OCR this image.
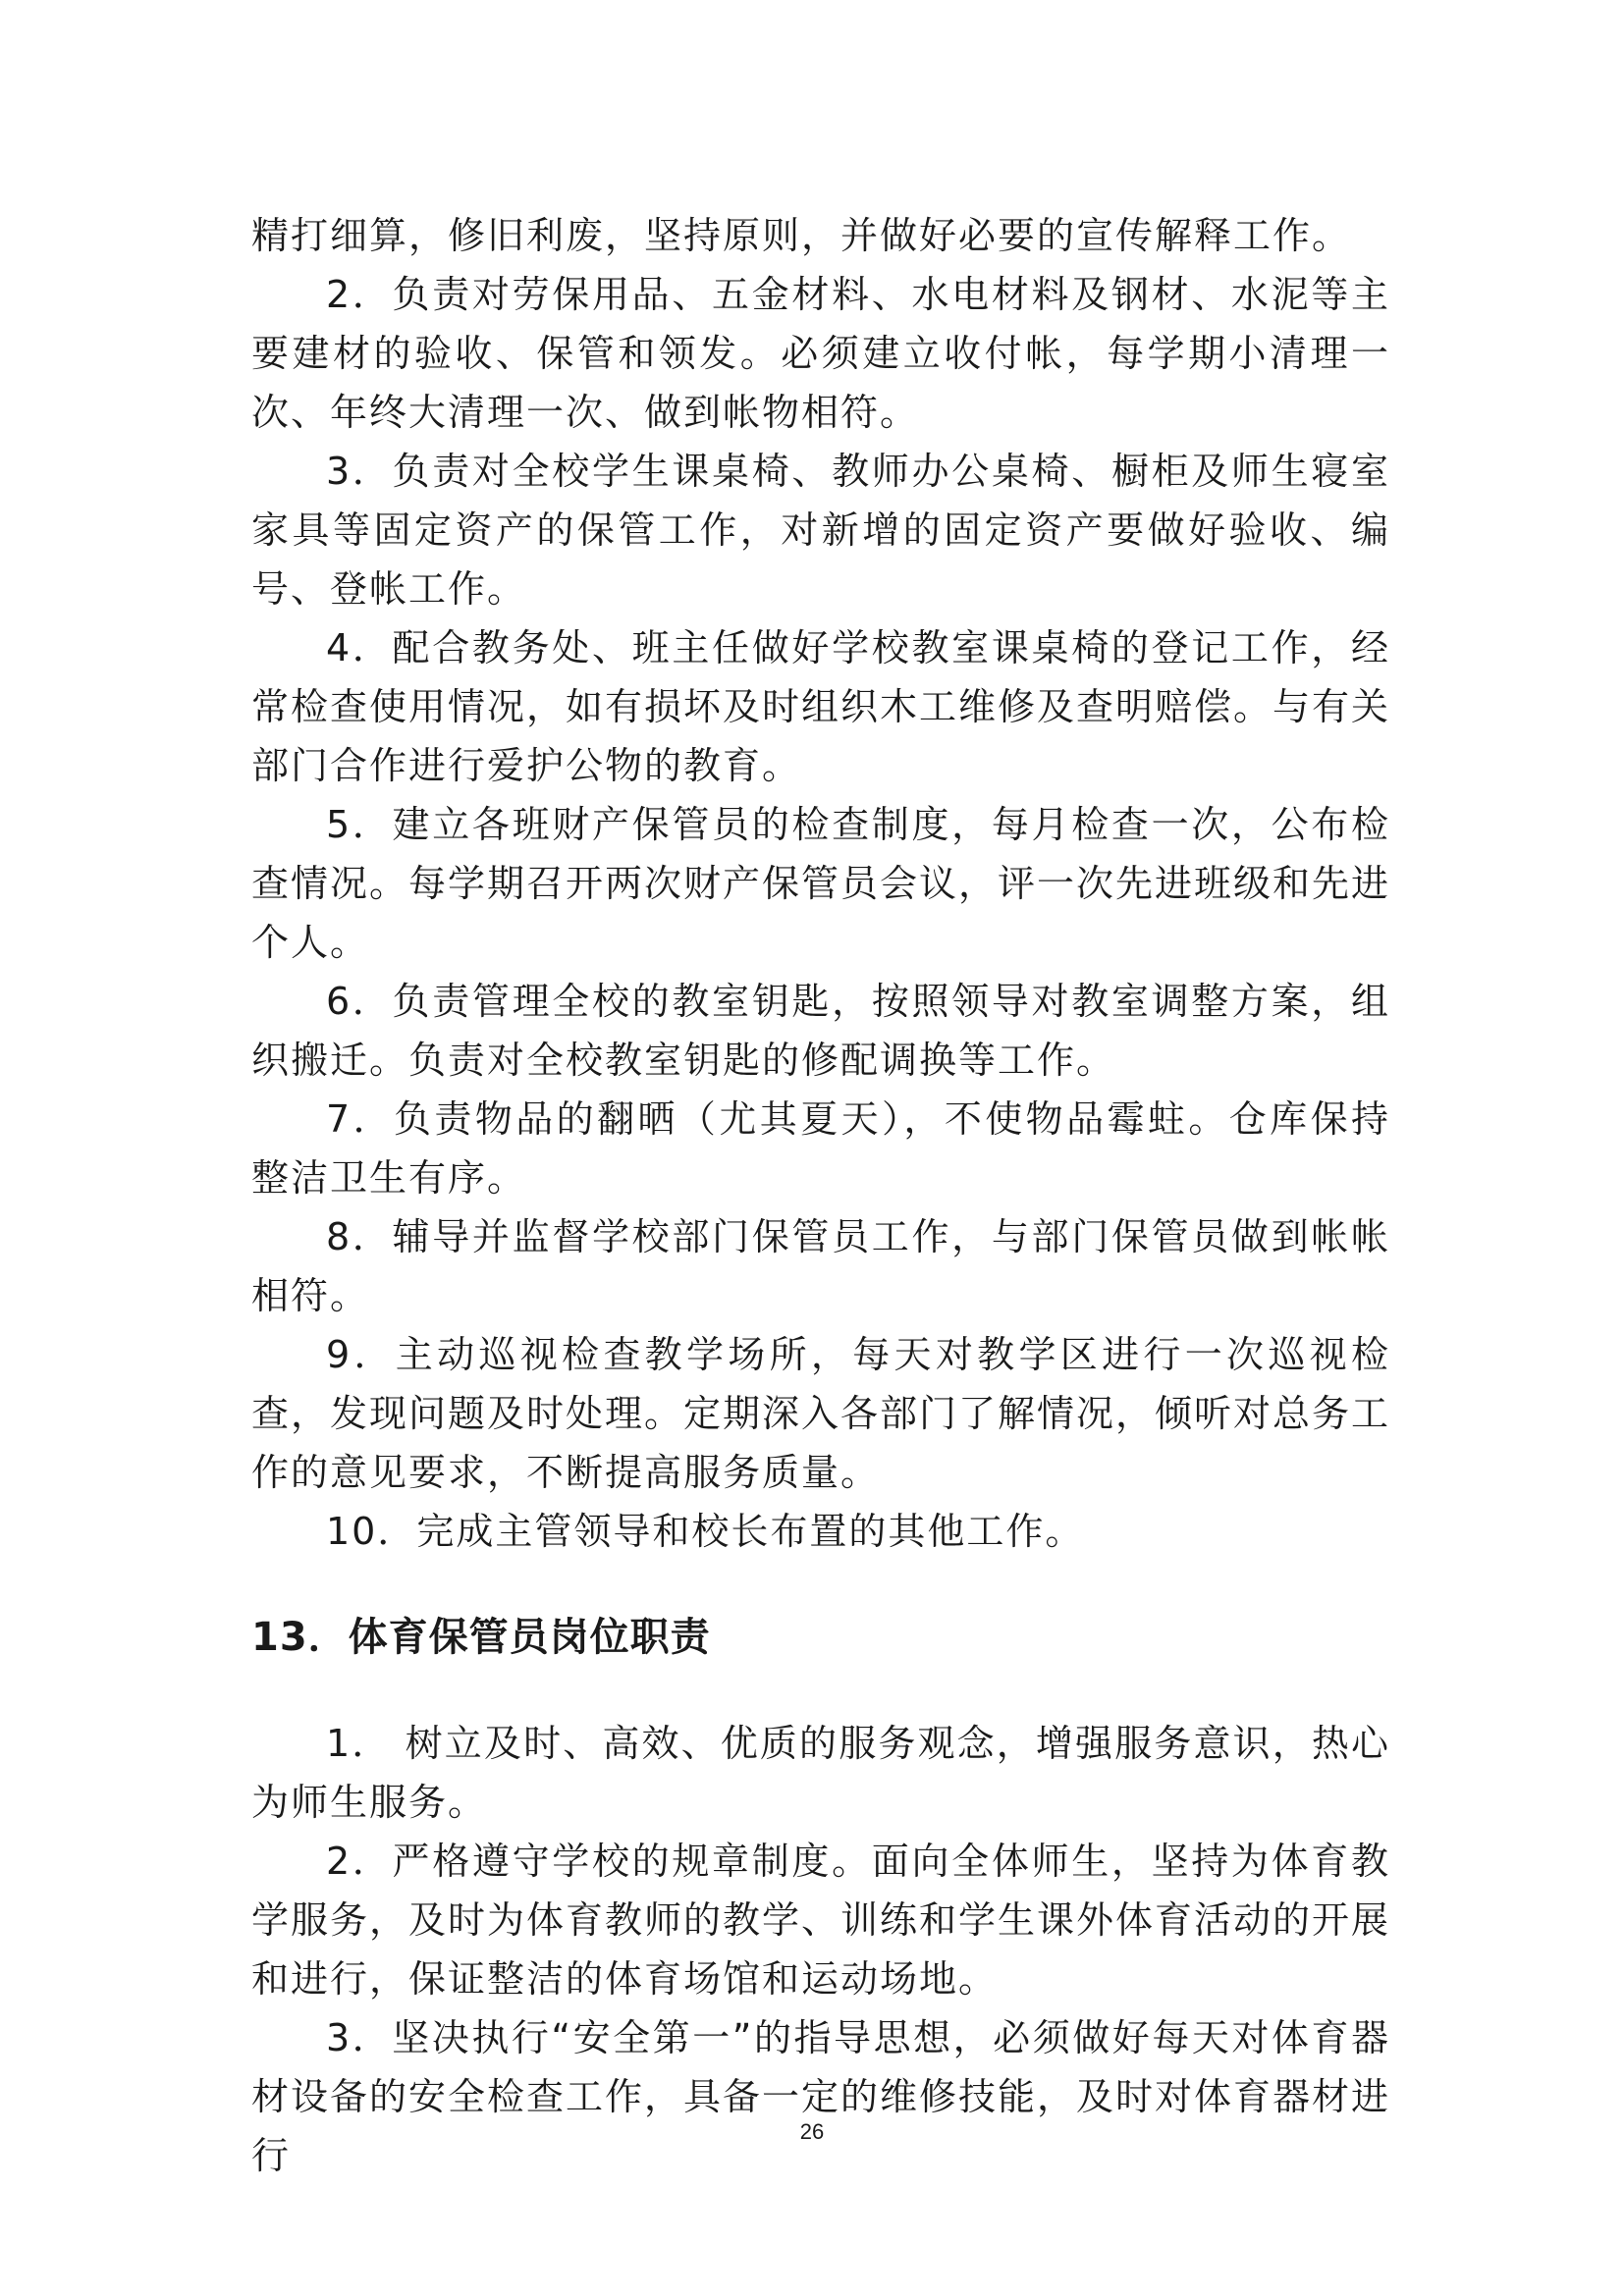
精打细算，修旧利废，坚持原则，并做好必要的宣传解释工作。

2．负责对劳保用品、五金材料、水电材料及钢材、水泥等主要建材的验收、保管和领发。必须建立收付帐，每学期小清理一次、年终大清理一次、做到帐物相符。

3．负责对全校学生课桌椅、教师办公桌椅、橱柜及师生寝室家具等固定资产的保管工作，对新增的固定资产要做好验收、编号、登帐工作。

4．配合教务处、班主任做好学校教室课桌椅的登记工作，经常检查使用情况，如有损坏及时组织木工维修及查明赔偿。与有关部门合作进行爱护公物的教育。

5．建立各班财产保管员的检查制度，每月检查一次，公布检查情况。每学期召开两次财产保管员会议，评一次先进班级和先进个人。

6．负责管理全校的教室钥匙，按照领导对教室调整方案，组织搬迁。负责对全校教室钥匙的修配调换等工作。

7．负责物品的翻晒（尤其夏天），不使物品霉蛀。仓库保持整洁卫生有序。

8．辅导并监督学校部门保管员工作，与部门保管员做到帐帐相符。

9．主动巡视检查教学场所，每天对教学区进行一次巡视检查，发现问题及时处理。定期深入各部门了解情况，倾听对总务工作的意见要求，不断提高服务质量。

10．完成主管领导和校长布置的其他工作。

13．体育保管员岗位职责

1． 树立及时、高效、优质的服务观念，增强服务意识，热心为师生服务。

2．严格遵守学校的规章制度。面向全体师生，坚持为体育教学服务，及时为体育教师的教学、训练和学生课外体育活动的开展和进行，保证整洁的体育场馆和运动场地。

3．坚决执行“安全第一”的指导思想，必须做好每天对体育器材设备的安全检查工作，具备一定的维修技能，及时对体育器材进行

26
